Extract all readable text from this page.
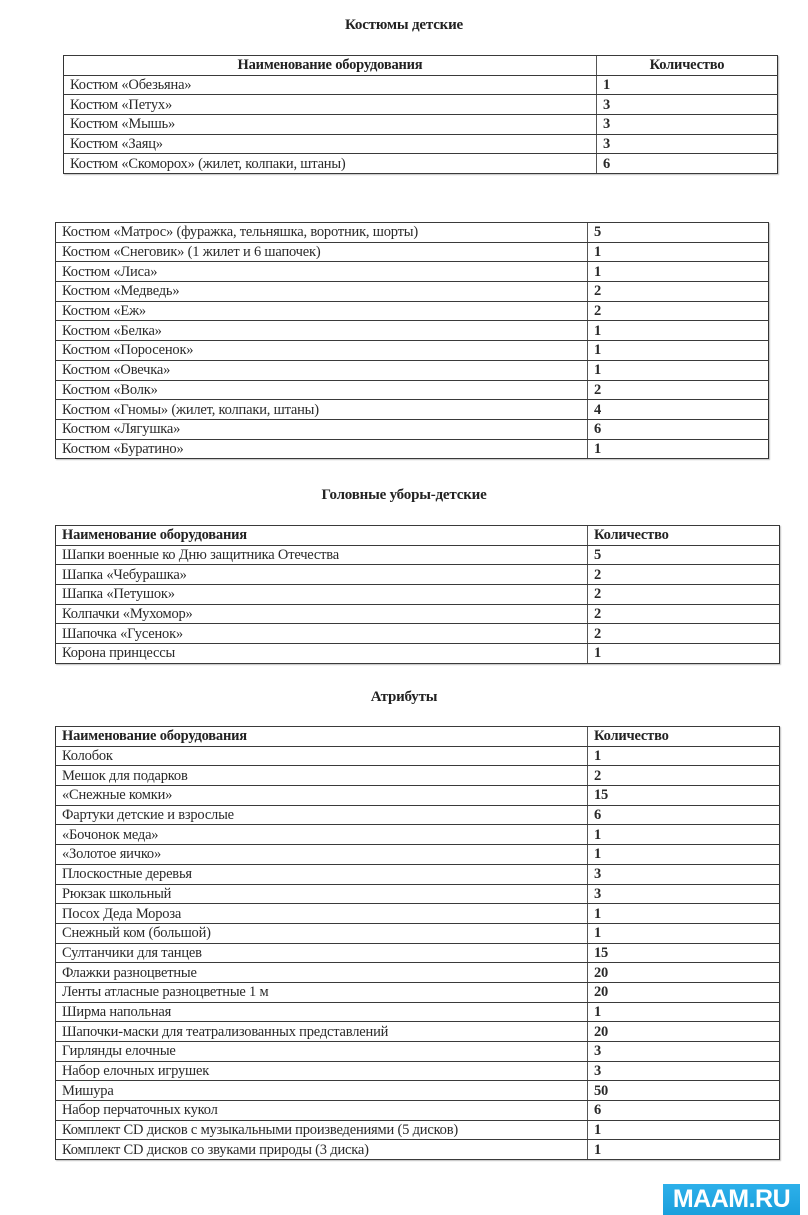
Костюмы детские
Наименование оборудования	Количество
Костюм «Обезьяна»	1
Костюм «Петух»	3
Костюм «Мышь»	3
Костюм «Заяц»	3
Костюм «Скоморох» (жилет, колпаки, штаны)	6
Костюм «Матрос» (фуражка, тельняшка, воротник, шорты)	5
Костюм «Снеговик» (1 жилет и 6 шапочек)	1
Костюм «Лиса»	1
Костюм «Медведь»	2
Костюм «Еж»	2
Костюм «Белка»	1
Костюм «Поросенок»	1
Костюм «Овечка»	1
Костюм «Волк»	2
Костюм «Гномы» (жилет, колпаки, штаны)	4
Костюм «Лягушка»	6
Костюм «Буратино»	1
Головные уборы-детские
Наименование оборудования	Количество
Шапки военные ко Дню защитника Отечества	5
Шапка «Чебурашка»	2
Шапка «Петушок»	2
Колпачки «Мухомор»	2
Шапочка «Гусенок»	2
Корона принцессы	1
Атрибуты
Наименование оборудования	Количество
Колобок	1
Мешок для подарков	2
«Снежные комки»	15
Фартуки детские и взрослые	6
«Бочонок меда»	1
«Золотое яичко»	1
Плоскостные деревья	3
Рюкзак школьный	3
Посох Деда Мороза	1
Снежный ком (большой)	1
Султанчики для танцев	15
Флажки разноцветные	20
Ленты атласные разноцветные 1 м	20
Ширма напольная	1
Шапочки-маски для театрализованных представлений	20
Гирлянды елочные	3
Набор елочных игрушек	3
Мишура	50
Набор перчаточных кукол	6
Комплект CD дисков с музыкальными произведениями (5 дисков)	1
Комплект CD дисков со звуками природы (3 диска)	1
MAAM.RU
